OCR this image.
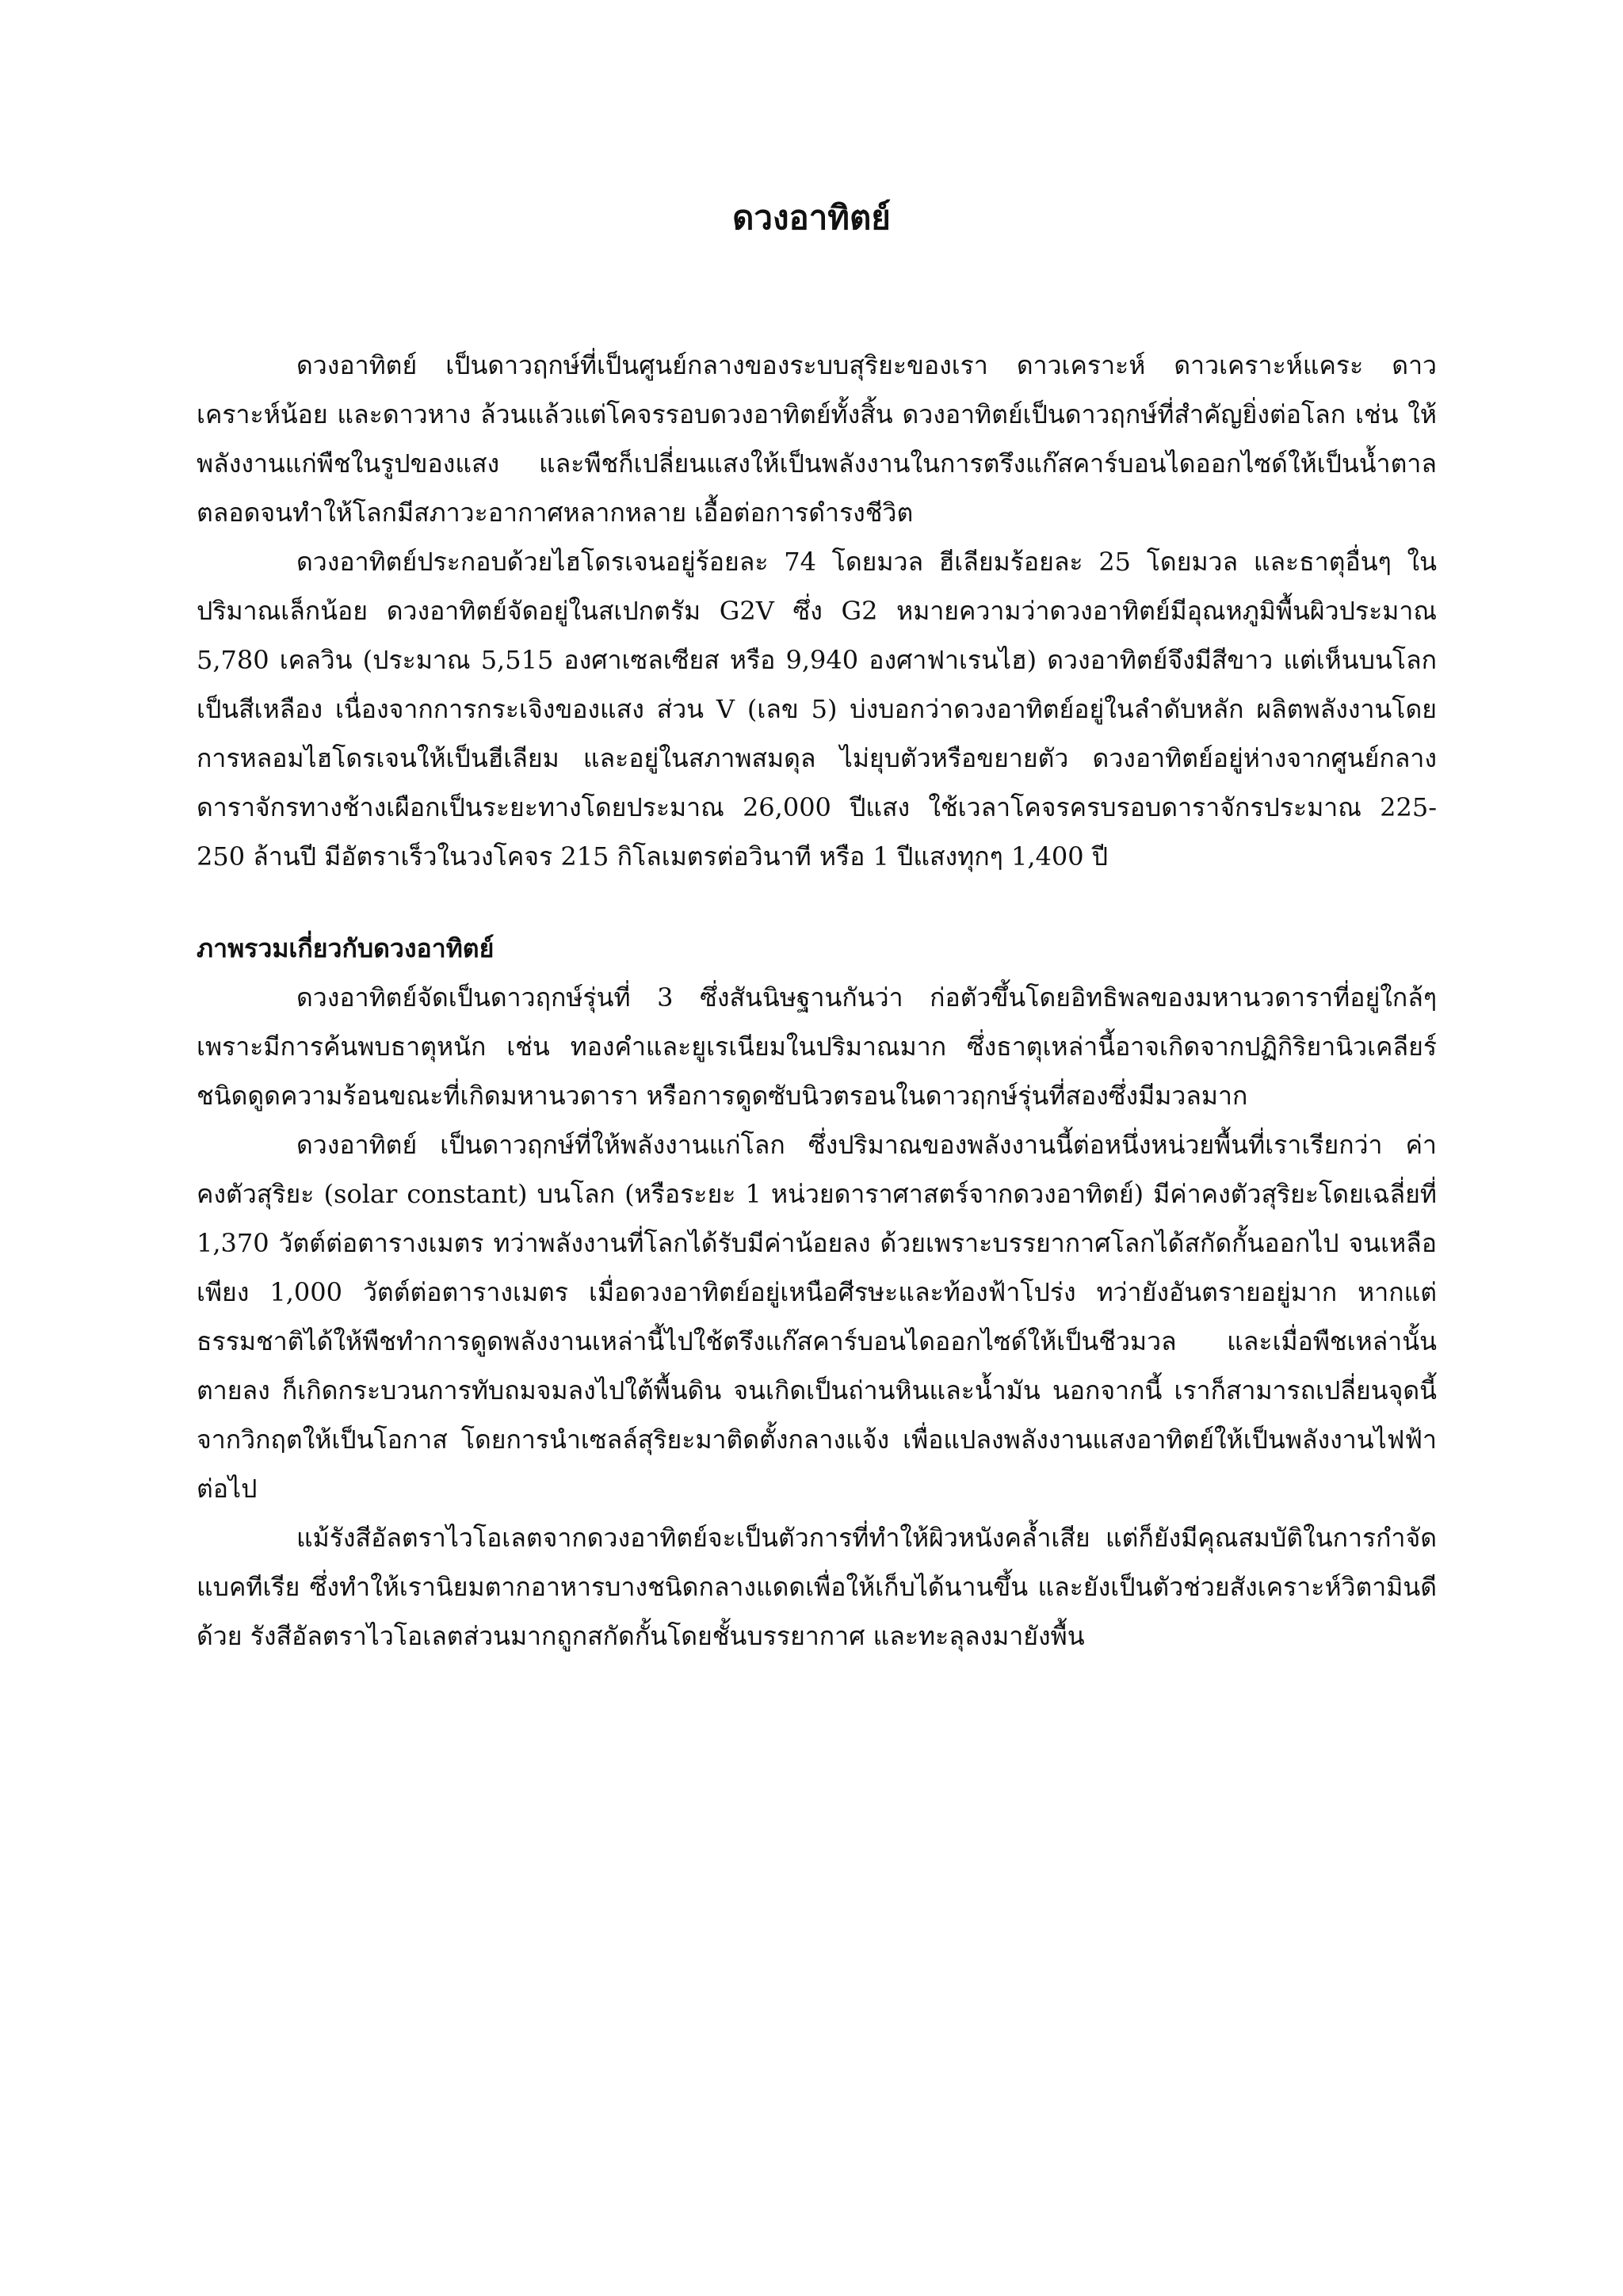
ดวงอาทิตย์

ดวงอาทิตย์ เป็นดาวฤกษ์ที่เป็นศูนย์กลางของระบบสุริยะของเรา ดาวเคราะห์ ดาวเคราะห์แคระ ดาวเคราะห์น้อย และดาวหาง ล้วนแล้วแต่โคจรรอบดวงอาทิตย์ทั้งสิ้น ดวงอาทิตย์เป็นดาวฤกษ์ที่สำคัญยิ่งต่อโลก เช่น ให้พลังงานแก่พืชในรูปของแสง และพืชก็เปลี่ยนแสงให้เป็นพลังงานในการตรึงแก๊สคาร์บอนไดออกไซด์ให้เป็นน้ำตาล ตลอดจนทำให้โลกมีสภาวะอากาศหลากหลาย เอื้อต่อการดำรงชีวิต

ดวงอาทิตย์ประกอบด้วยไฮโดรเจนอยู่ร้อยละ 74 โดยมวล ฮีเลียมร้อยละ 25 โดยมวล และธาตุอื่นๆ ในปริมาณเล็กน้อย ดวงอาทิตย์จัดอยู่ในสเปกตรัม G2V ซึ่ง G2 หมายความว่าดวงอาทิตย์มีอุณหภูมิพื้นผิวประมาณ 5,780 เคลวิน (ประมาณ 5,515 องศาเซลเซียส หรือ 9,940 องศาฟาเรนไฮ) ดวงอาทิตย์จึงมีสีขาว แต่เห็นบนโลกเป็นสีเหลือง เนื่องจากการกระเจิงของแสง ส่วน V (เลข 5) บ่งบอกว่าดวงอาทิตย์อยู่ในลำดับหลัก ผลิตพลังงานโดยการหลอมไฮโดรเจนให้เป็นฮีเลียม และอยู่ในสภาพสมดุล ไม่ยุบตัวหรือขยายตัว ดวงอาทิตย์อยู่ห่างจากศูนย์กลางดาราจักรทางช้างเผือกเป็นระยะทางโดยประมาณ 26,000 ปีแสง ใช้เวลาโคจรครบรอบดาราจักรประมาณ 225-250 ล้านปี มีอัตราเร็วในวงโคจร 215 กิโลเมตรต่อวินาที หรือ 1 ปีแสงทุกๆ 1,400 ปี

ภาพรวมเกี่ยวกับดวงอาทิตย์

ดวงอาทิตย์จัดเป็นดาวฤกษ์รุ่นที่ 3 ซึ่งสันนิษฐานกันว่า ก่อตัวขึ้นโดยอิทธิพลของมหานวดาราที่อยู่ใกล้ๆ เพราะมีการค้นพบธาตุหนัก เช่น ทองคำและยูเรเนียมในปริมาณมาก ซึ่งธาตุเหล่านี้อาจเกิดจากปฏิกิริยานิวเคลียร์ชนิดดูดความร้อนขณะที่เกิดมหานวดารา หรือการดูดซับนิวตรอนในดาวฤกษ์รุ่นที่สองซึ่งมีมวลมาก

ดวงอาทิตย์ เป็นดาวฤกษ์ที่ให้พลังงานแก่โลก ซึ่งปริมาณของพลังงานนี้ต่อหนึ่งหน่วยพื้นที่เราเรียกว่า ค่าคงตัวสุริยะ (solar constant) บนโลก (หรือระยะ 1 หน่วยดาราศาสตร์จากดวงอาทิตย์) มีค่าคงตัวสุริยะโดยเฉลี่ยที่ 1,370 วัตต์ต่อตารางเมตร ทว่าพลังงานที่โลกได้รับมีค่าน้อยลง ด้วยเพราะบรรยากาศโลกได้สกัดกั้นออกไป จนเหลือเพียง 1,000 วัตต์ต่อตารางเมตร เมื่อดวงอาทิตย์อยู่เหนือศีรษะและท้องฟ้าโปร่ง ทว่ายังอันตรายอยู่มาก หากแต่ธรรมชาติได้ให้พืชทำการดูดพลังงานเหล่านี้ไปใช้ตรึงแก๊สคาร์บอนไดออกไซด์ให้เป็นชีวมวล และเมื่อพืชเหล่านั้นตายลง ก็เกิดกระบวนการทับถมจมลงไปใต้พื้นดิน จนเกิดเป็นถ่านหินและน้ำมัน นอกจากนี้ เราก็สามารถเปลี่ยนจุดนี้จากวิกฤตให้เป็นโอกาส โดยการนำเซลล์สุริยะมาติดตั้งกลางแจ้ง เพื่อแปลงพลังงานแสงอาทิตย์ให้เป็นพลังงานไฟฟ้าต่อไป

แม้รังสีอัลตราไวโอเลตจากดวงอาทิตย์จะเป็นตัวการที่ทำให้ผิวหนังคล้ำเสีย แต่ก็ยังมีคุณสมบัติในการกำจัดแบคทีเรีย ซึ่งทำให้เรานิยมตากอาหารบางชนิดกลางแดดเพื่อให้เก็บได้นานขึ้น และยังเป็นตัวช่วยสังเคราะห์วิตามินดีด้วย รังสีอัลตราไวโอเลตส่วนมากถูกสกัดกั้นโดยชั้นบรรยากาศ และทะลุลงมายังพื้น
